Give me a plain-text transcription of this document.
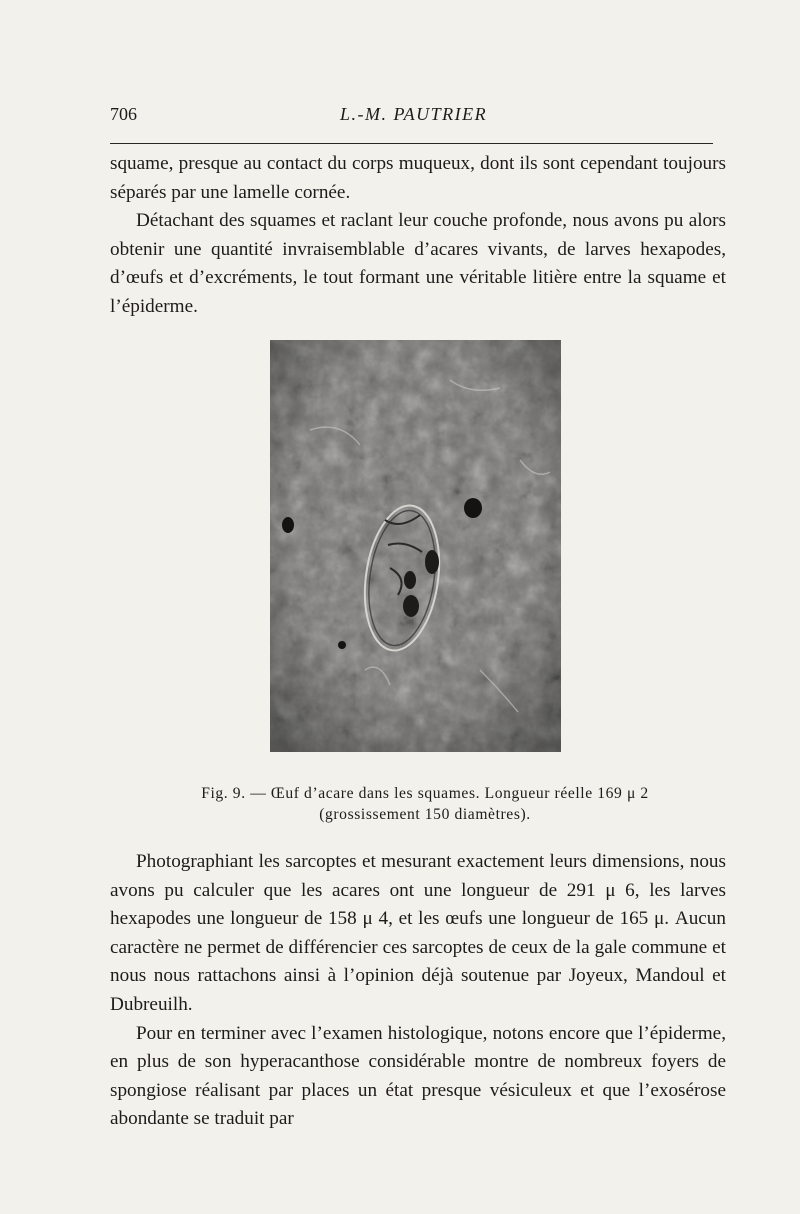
706	L.-M. PAUTRIER

squame, presque au contact du corps muqueux, dont ils sont cependant toujours séparés par une lamelle cornée.

Détachant des squames et raclant leur couche profonde, nous avons pu alors obtenir une quantité invraisemblable d’acares vivants, de larves hexapodes, d’œufs et d’excréments, le tout formant une véritable litière entre la squame et l’épiderme.

Fig. 9. — Œuf d’acare dans les squames. Longueur réelle 169 μ 2
(grossissement 150 diamètres).

Photographiant les sarcoptes et mesurant exactement leurs dimensions, nous avons pu calculer que les acares ont une longueur de 291 μ 6, les larves hexapodes une longueur de 158 μ 4, et les œufs une longueur de 165 μ. Aucun caractère ne permet de différencier ces sarcoptes de ceux de la gale commune et nous nous rattachons ainsi à l’opinion déjà soutenue par Joyeux, Mandoul et Dubreuilh.

Pour en terminer avec l’examen histologique, notons encore que l’épiderme, en plus de son hyperacanthose considérable montre de nombreux foyers de spongiose réalisant par places un état presque vésiculeux et que l’exosérose abondante se traduit par
